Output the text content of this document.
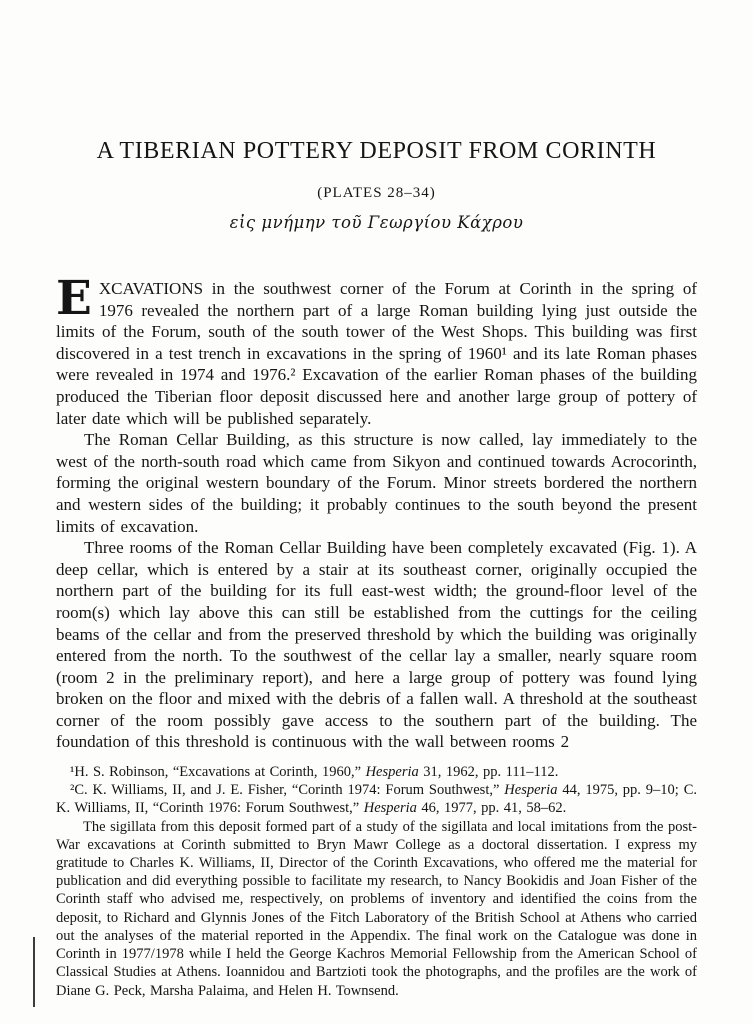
A TIBERIAN POTTERY DEPOSIT FROM CORINTH
(PLATES 28–34)
εἰς μνήμην τοῦ Γεωργίου Κάχρου

EXCAVATIONS in the southwest corner of the Forum at Corinth in the spring of 1976 revealed the northern part of a large Roman building lying just outside the limits of the Forum, south of the south tower of the West Shops. This building was first discovered in a test trench in excavations in the spring of 1960¹ and its late Roman phases were revealed in 1974 and 1976.² Excavation of the earlier Roman phases of the building produced the Tiberian floor deposit discussed here and another large group of pottery of later date which will be published separately.

The Roman Cellar Building, as this structure is now called, lay immediately to the west of the north-south road which came from Sikyon and continued towards Acrocorinth, forming the original western boundary of the Forum. Minor streets bordered the northern and western sides of the building; it probably continues to the south beyond the present limits of excavation.

Three rooms of the Roman Cellar Building have been completely excavated (Fig. 1). A deep cellar, which is entered by a stair at its southeast corner, originally occupied the northern part of the building for its full east-west width; the ground-floor level of the room(s) which lay above this can still be established from the cuttings for the ceiling beams of the cellar and from the preserved threshold by which the building was originally entered from the north. To the southwest of the cellar lay a smaller, nearly square room (room 2 in the preliminary report), and here a large group of pottery was found lying broken on the floor and mixed with the debris of a fallen wall. A threshold at the southeast corner of the room possibly gave access to the southern part of the building. The foundation of this threshold is continuous with the wall between rooms 2

¹H. S. Robinson, “Excavations at Corinth, 1960,” Hesperia 31, 1962, pp. 111–112.

²C. K. Williams, II, and J. E. Fisher, “Corinth 1974: Forum Southwest,” Hesperia 44, 1975, pp. 9–10; C. K. Williams, II, “Corinth 1976: Forum Southwest,” Hesperia 46, 1977, pp. 41, 58–62.

The sigillata from this deposit formed part of a study of the sigillata and local imitations from the post-War excavations at Corinth submitted to Bryn Mawr College as a doctoral dissertation. I express my gratitude to Charles K. Williams, II, Director of the Corinth Excavations, who offered me the material for publication and did everything possible to facilitate my research, to Nancy Bookidis and Joan Fisher of the Corinth staff who advised me, respectively, on problems of inventory and identified the coins from the deposit, to Richard and Glynnis Jones of the Fitch Laboratory of the British School at Athens who carried out the analyses of the material reported in the Appendix. The final work on the Catalogue was done in Corinth in 1977/1978 while I held the George Kachros Memorial Fellowship from the American School of Classical Studies at Athens. Ioannidou and Bartzioti took the photographs, and the profiles are the work of Diane G. Peck, Marsha Palaima, and Helen H. Townsend.
